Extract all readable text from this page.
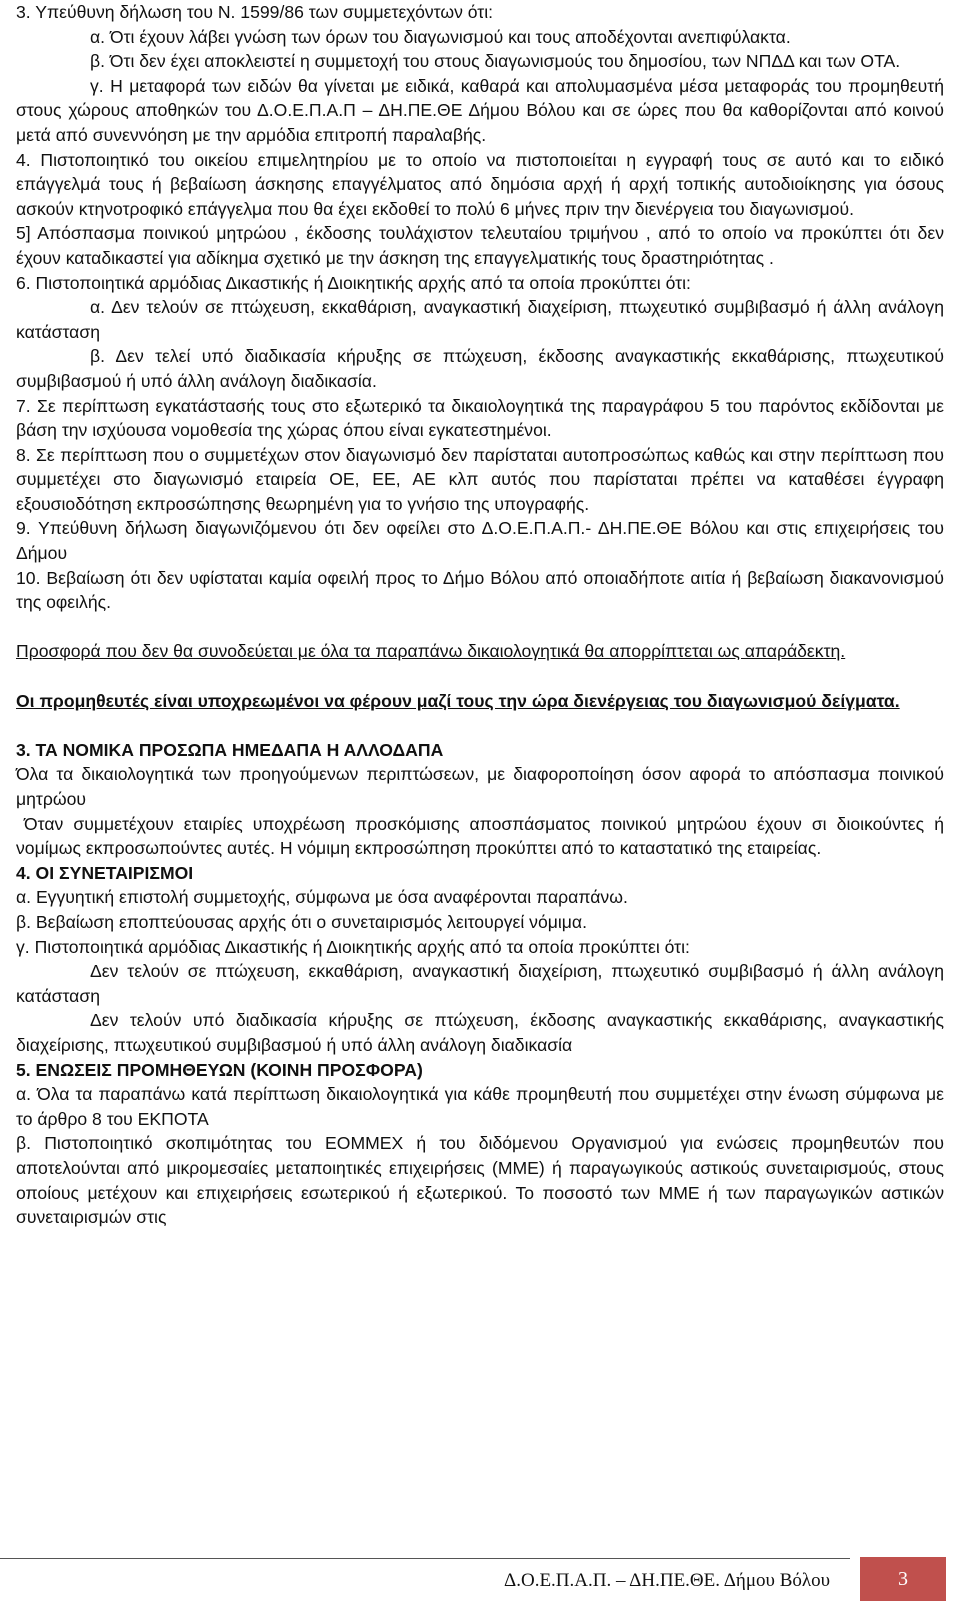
3. Υπεύθυνη δήλωση του Ν. 1599/86 των συμμετεχόντων ότι:

α. Ότι έχουν λάβει γνώση των όρων του διαγωνισμού και τους αποδέχονται ανεπιφύλακτα.

β. Ότι δεν έχει αποκλειστεί η συμμετοχή του στους διαγωνισμούς του δημοσίου, των ΝΠΔΔ και των ΟΤΑ.

γ. Η μεταφορά των ειδών θα γίνεται με ειδικά, καθαρά και απολυμασμένα μέσα μεταφοράς του προμηθευτή στους χώρους αποθηκών του Δ.Ο.Ε.Π.Α.Π – ΔΗ.ΠΕ.ΘΕ Δήμου Βόλου και σε ώρες που θα καθορίζονται από κοινού μετά από συνεννόηση με την αρμόδια επιτροπή παραλαβής.

4. Πιστοποιητικό του οικείου επιμελητηρίου με το οποίο να πιστοποιείται η εγγραφή τους σε αυτό και το ειδικό επάγγελμά τους ή βεβαίωση άσκησης επαγγέλματος από δημόσια αρχή ή αρχή τοπικής αυτοδιοίκησης για όσους ασκούν κτηνοτροφικό επάγγελμα που θα έχει εκδοθεί το πολύ 6 μήνες πριν την διενέργεια του διαγωνισμού.

5] Απόσπασμα ποινικού μητρώου , έκδοσης τουλάχιστον τελευταίου τριμήνου , από το οποίο να προκύπτει ότι δεν έχουν καταδικαστεί για αδίκημα σχετικό με την άσκηση της επαγγελματικής τους δραστηριότητας .

6. Πιστοποιητικά αρμόδιας Δικαστικής ή Διοικητικής αρχής από τα οποία προκύπτει ότι:

α. Δεν τελούν σε πτώχευση, εκκαθάριση, αναγκαστική διαχείριση, πτωχευτικό συμβιβασμό ή άλλη ανάλογη κατάσταση

β. Δεν τελεί υπό διαδικασία κήρυξης σε πτώχευση, έκδοσης αναγκαστικής εκκαθάρισης, πτωχευτικού συμβιβασμού ή υπό άλλη ανάλογη διαδικασία.

7. Σε περίπτωση εγκατάστασής τους στο εξωτερικό τα δικαιολογητικά της παραγράφου 5 του παρόντος εκδίδονται με βάση την ισχύουσα νομοθεσία της χώρας όπου είναι εγκατεστημένοι.

8. Σε περίπτωση που ο συμμετέχων στον διαγωνισμό δεν παρίσταται αυτοπροσώπως καθώς και στην περίπτωση που συμμετέχει στο διαγωνισμό εταιρεία ΟΕ, ΕΕ, ΑΕ κλπ αυτός που παρίσταται πρέπει να καταθέσει έγγραφη εξουσιοδότηση εκπροσώπησης θεωρημένη για το γνήσιο της υπογραφής.

9. Υπεύθυνη δήλωση διαγωνιζόμενου ότι δεν οφείλει στο Δ.Ο.Ε.Π.Α.Π.- ΔΗ.ΠΕ.ΘΕ Βόλου και στις επιχειρήσεις του Δήμου

10. Βεβαίωση ότι δεν υφίσταται καμία οφειλή προς το Δήμο Βόλου από οποιαδήποτε αιτία ή βεβαίωση διακανονισμού της οφειλής.

Προσφορά που δεν θα συνοδεύεται με όλα τα παραπάνω δικαιολογητικά θα απορρίπτεται ως απαράδεκτη.

Οι προμηθευτές είναι υποχρεωμένοι να φέρουν μαζί τους την ώρα διενέργειας του διαγωνισμού δείγματα.

3. ΤΑ ΝΟΜΙΚΑ ΠΡΟΣΩΠΑ ΗΜΕΔΑΠΑ Η ΑΛΛΟΔΑΠΑ

Όλα τα δικαιολογητικά των προηγούμενων περιπτώσεων, με διαφοροποίηση όσον αφορά το απόσπασμα ποινικού μητρώου

Όταν συμμετέχουν εταιρίες υποχρέωση προσκόμισης αποσπάσματος ποινικού μητρώου έχουν σι διοικούντες ή νομίμως εκπροσωπούντες αυτές. Η νόμιμη εκπροσώπηση προκύπτει από το καταστατικό της εταιρείας.

4. ΟΙ ΣΥΝΕΤΑΙΡΙΣΜΟΙ

α. Εγγυητική επιστολή συμμετοχής, σύμφωνα με όσα αναφέρονται παραπάνω.

β. Βεβαίωση εποπτεύουσας αρχής ότι ο συνεταιρισμός λειτουργεί νόμιμα.

γ. Πιστοποιητικά αρμόδιας Δικαστικής ή Διοικητικής αρχής από τα οποία προκύπτει ότι:

Δεν τελούν σε πτώχευση, εκκαθάριση, αναγκαστική διαχείριση, πτωχευτικό συμβιβασμό ή άλλη ανάλογη κατάσταση

Δεν τελούν υπό διαδικασία κήρυξης σε πτώχευση, έκδοσης αναγκαστικής εκκαθάρισης, αναγκαστικής διαχείρισης, πτωχευτικού συμβιβασμού ή υπό άλλη ανάλογη διαδικασία

5. ΕΝΩΣΕΙΣ ΠΡΟΜΗΘΕΥΩΝ (ΚΟΙΝΗ ΠΡΟΣΦΟΡΑ)

α. Όλα τα παραπάνω κατά περίπτωση δικαιολογητικά για κάθε προμηθευτή που συμμετέχει στην ένωση σύμφωνα με το άρθρο 8 του ΕΚΠΟΤΑ

β. Πιστοποιητικό σκοπιμότητας του ΕΟΜΜΕΧ ή του διδόμενου Οργανισμού για ενώσεις προμηθευτών που αποτελούνται από μικρομεσαίες μεταποιητικές επιχειρήσεις (ΜΜΕ) ή παραγωγικούς αστικούς συνεταιρισμούς, στους οποίους μετέχουν και επιχειρήσεις εσωτερικού ή εξωτερικού. Το ποσοστό των ΜΜΕ ή των παραγωγικών αστικών συνεταιρισμών στις

Δ.Ο.Ε.Π.Α.Π. – ΔΗ.ΠΕ.ΘΕ. Δήμου Βόλου	3
